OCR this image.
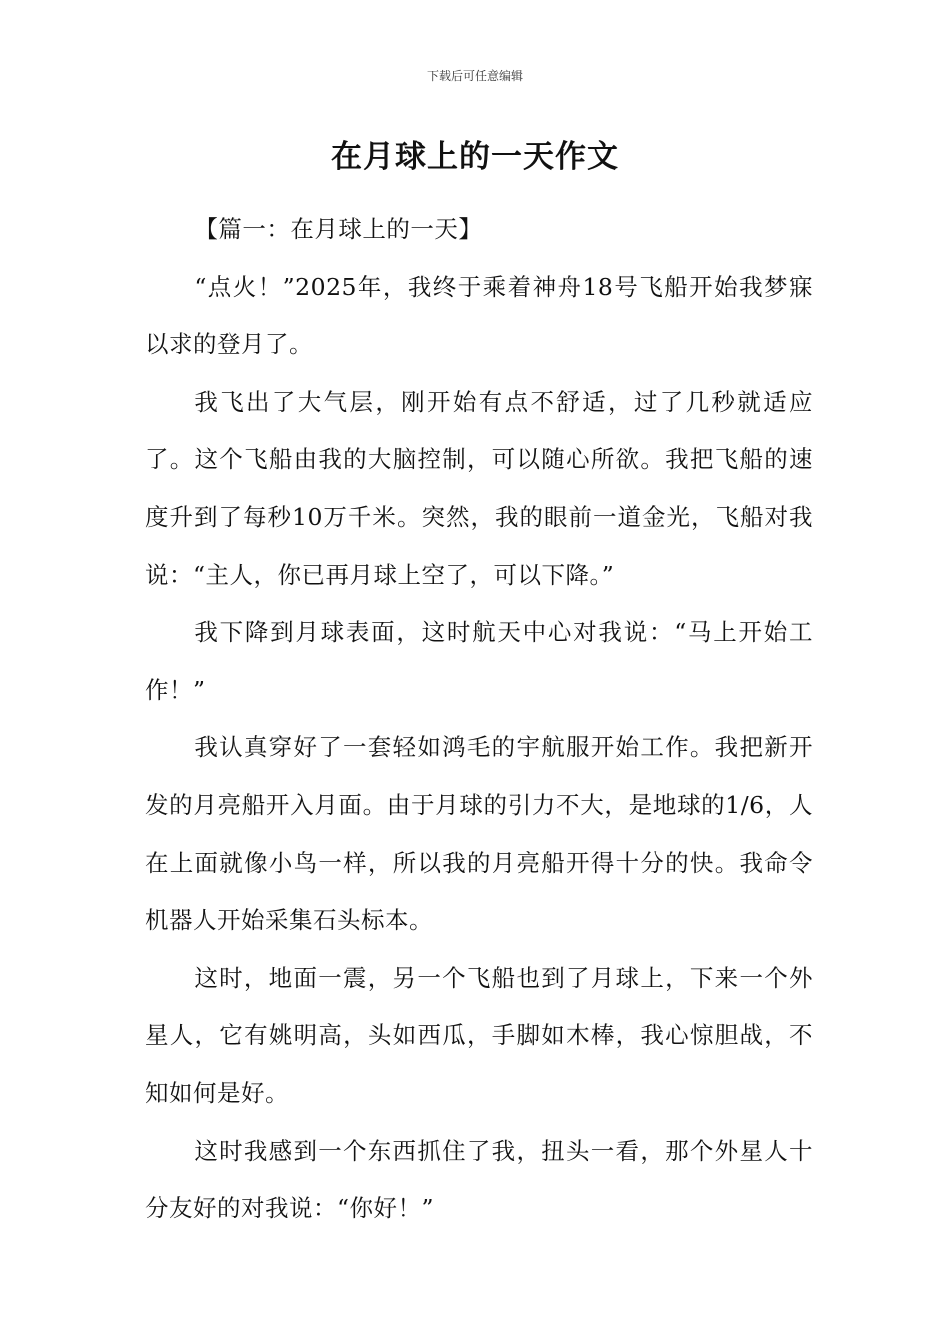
下载后可任意编辑
在月球上的一天作文

【篇一：在月球上的一天】

“点火！”2025年，我终于乘着神舟18号飞船开始我梦寐以求的登月了。

我飞出了大气层，刚开始有点不舒适，过了几秒就适应了。这个飞船由我的大脑控制，可以随心所欲。我把飞船的速度升到了每秒10万千米。突然，我的眼前一道金光，飞船对我说：“主人，你已再月球上空了，可以下降。”

我下降到月球表面，这时航天中心对我说：“马上开始工作！”

我认真穿好了一套轻如鸿毛的宇航服开始工作。我把新开发的月亮船开入月面。由于月球的引力不大，是地球的1/6，人在上面就像小鸟一样，所以我的月亮船开得十分的快。我命令机器人开始采集石头标本。

这时，地面一震，另一个飞船也到了月球上，下来一个外星人，它有姚明高，头如西瓜，手脚如木棒，我心惊胆战，不知如何是好。

这时我感到一个东西抓住了我，扭头一看，那个外星人十分友好的对我说：“你好！”
